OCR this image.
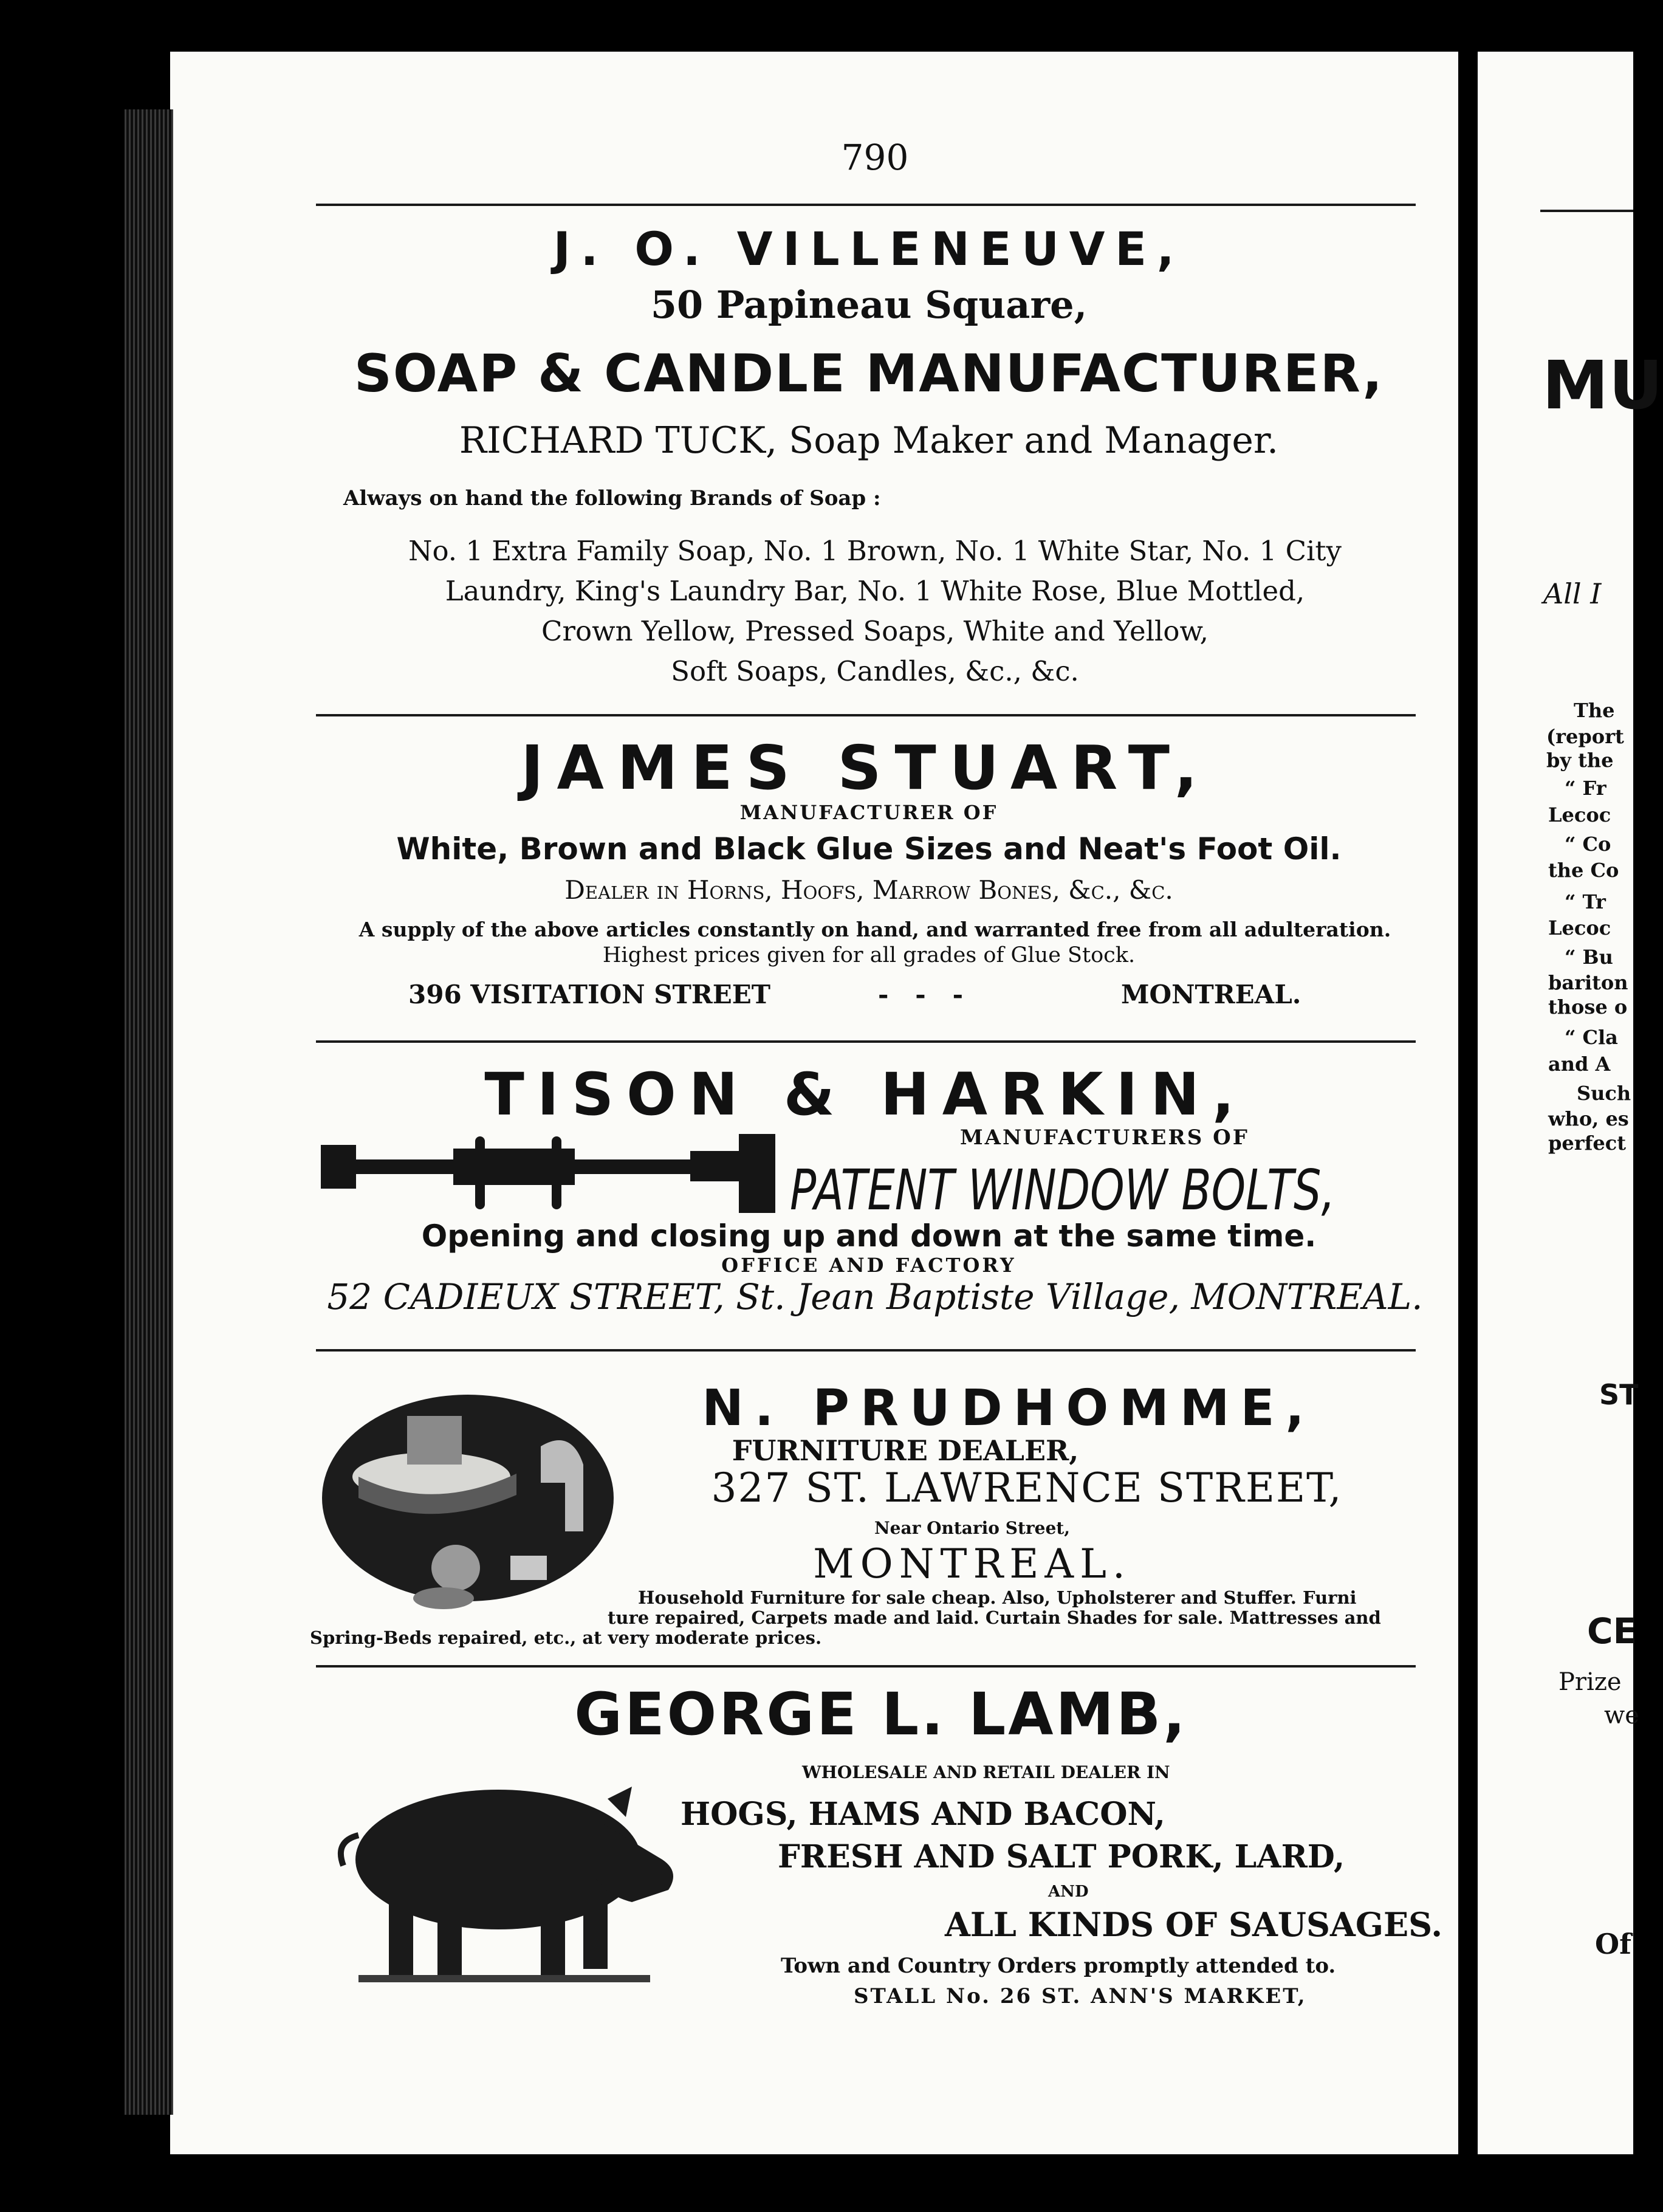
790
J. O. VILLENEUVE,
50 Papineau Square,
SOAP & CANDLE MANUFACTURER,
RICHARD TUCK, Soap Maker and Manager.
Always on hand the following Brands of Soap :
No. 1 Extra Family Soap, No. 1 Brown, No. 1 White Star, No. 1 City
Laundry, King's Laundry Bar, No. 1 White Rose, Blue Mottled,
Crown Yellow, Pressed Soaps, White and Yellow,
Soft Soaps, Candles, &c., &c.
JAMES STUART,
MANUFACTURER OF
White, Brown and Black Glue Sizes and Neat's Foot Oil.
Dealer in Horns, Hoofs, Marrow Bones, &c., &c.
A supply of the above articles constantly on hand, and warranted free from all adulteration.
Highest prices given for all grades of Glue Stock.
396 VISITATION STREET	-   -   -	MONTREAL.
TISON & HARKIN,
MANUFACTURERS OF
PATENT WINDOW BOLTS,
Opening and closing up and down at the same time.
OFFICE AND FACTORY
52 CADIEUX STREET, St. Jean Baptiste Village, MONTREAL.
N. PRUDHOMME,
FURNITURE DEALER,
327 ST. LAWRENCE STREET,
Near Ontario Street,
MONTREAL.
Household Furniture for sale cheap. Also, Upholsterer and Stuffer. Furni
ture repaired, Carpets made and laid. Curtain Shades for sale. Mattresses and
Spring-Beds repaired, etc., at very moderate prices.
GEORGE L. LAMB,
WHOLESALE AND RETAIL DEALER IN
HOGS, HAMS AND BACON,
FRESH AND SALT PORK, LARD,
AND
ALL KINDS OF SAUSAGES.
Town and Country Orders promptly attended to.
STALL No. 26 ST. ANN'S MARKET,
MU
All I
The
(report
by the
“ Fr
Lecoc
“ Co
the Co
“ Tr
Lecoc
“ Bu
bariton
those o
“ Cla
and A
Such
who, es
perfect
ST
CE
Prize
we
Of
